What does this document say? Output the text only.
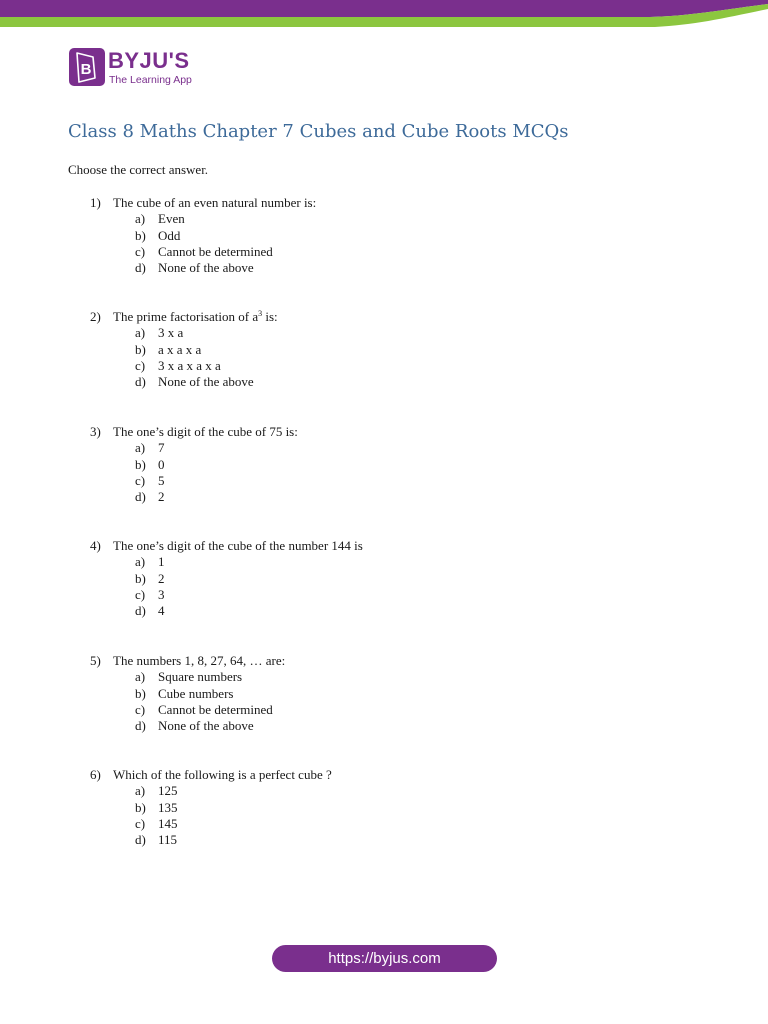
B BYJU'S
The Learning App
Class 8 Maths Chapter 7 Cubes and Cube Roots MCQs
Choose the correct answer.
1) The cube of an even natural number is:
a) Even
b) Odd
c) Cannot be determined
d) None of the above
2) The prime factorisation of $a^3$ is:
a) 3 x a
b) a x a x a
c) 3 x a x a x a
d) None of the above
3) The one’s digit of the cube of 75 is:
a) 7
b) 0
c) 5
d) 2
4) The one’s digit of the cube of the number 144 is
a) 1
b) 2
c) 3
d) 4
5) The numbers 1, 8, 27, 64, … are:
a) Square numbers
b) Cube numbers
c) Cannot be determined
d) None of the above
6) Which of the following is a perfect cube ?
a) 125
b) 135
c) 145
d) 115
https://byjus.com
